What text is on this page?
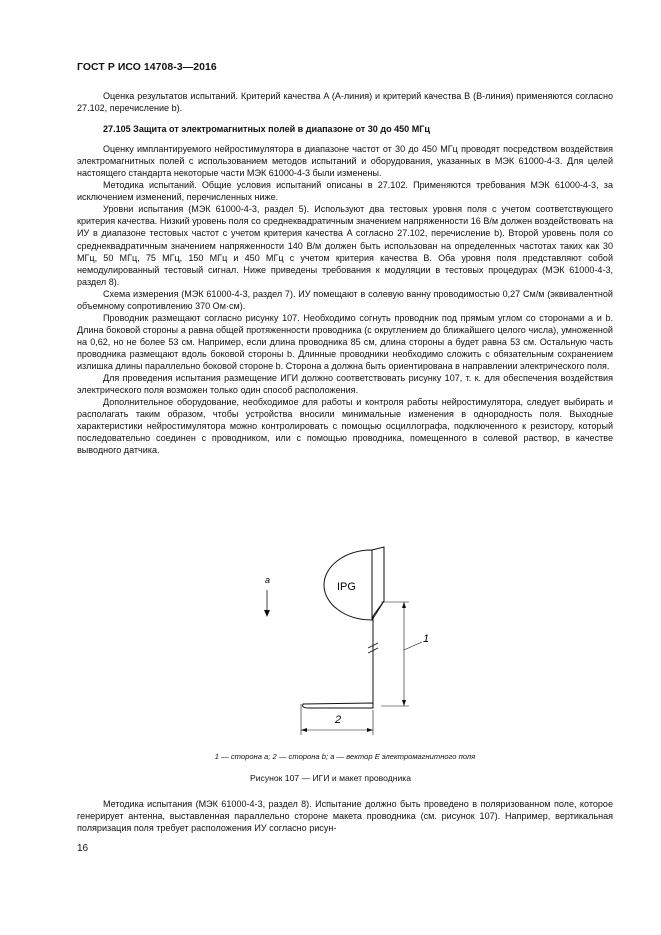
ГОСТ Р ИСО 14708-3—2016

Оценка результатов испытаний. Критерий качества A (A-линия) и критерий качества B (B-линия) применяются согласно 27.102, перечисление b).

27.105 Защита от электромагнитных полей в диапазоне от 30 до 450 МГц

Оценку имплантируемого нейростимулятора в диапазоне частот от 30 до 450 МГц проводят посредством воздействия электромагнитных полей с использованием методов испытаний и оборудования, указанных в МЭК 61000-4-3. Для целей настоящего стандарта некоторые части МЭК 61000-4-3 были изменены.

Методика испытаний. Общие условия испытаний описаны в 27.102. Применяются требования МЭК 61000-4-3, за исключением изменений, перечисленных ниже.

Уровни испытания (МЭК 61000-4-3, раздел 5). Используют два тестовых уровня поля с учетом соответствующего критерия качества. Низкий уровень поля со среднеквадратичным значением напряженности 16 В/м должен воздействовать на ИУ в диапазоне тестовых частот с учетом критерия качества A согласно 27.102, перечисление b). Второй уровень поля со среднеквадратичным значением напряженности 140 В/м должен быть использован на определенных частотах таких как 30 МГц, 50 МГц, 75 МГц, 150 МГц и 450 МГц с учетом критерия качества B. Оба уровня поля представляют собой немодулированный тестовый сигнал. Ниже приведены требования к модуляции в тестовых процедурах (МЭК 61000-4-3, раздел 8).

Схема измерения (МЭК 61000-4-3, раздел 7). ИУ помещают в солевую ванну проводимостью 0,27 См/м (эквивалентной объемному сопротивлению 370 Ом·см).

Проводник размещают согласно рисунку 107. Необходимо согнуть проводник под прямым углом со сторонами a и b. Длина боковой стороны a равна общей протяженности проводника (с округлением до ближайшего целого числа), умноженной на 0,62, но не более 53 см. Например, если длина проводника 85 см, длина стороны a будет равна 53 см. Остальную часть проводника размещают вдоль боковой стороны b. Длинные проводники необходимо сложить с обязательным сохранением излишка длины параллельно боковой стороне b. Сторона a должна быть ориентирована в направлении электрического поля.

Для проведения испытания размещение ИГИ должно соответствовать рисунку 107, т. к. для обеспечения воздействия электрического поля возможен только один способ расположения.

Дополнительное оборудование, необходимое для работы и контроля работы нейростимулятора, следует выбирать и располагать таким образом, чтобы устройства вносили минимальные изменения в однородность поля. Выходные характеристики нейростимулятора можно контролировать с помощью осциллографа, подключенного к резистору, который последовательно соединен с проводником, или с помощью проводника, помещенного в солевой раствор, в качестве выводного датчика.

a
IPG
1
2
1 — сторона a; 2 — сторона b; a — вектор E электромагнитного поля
Рисунок 107 — ИГИ и макет проводника

Методика испытания (МЭК 61000-4-3, раздел 8). Испытание должно быть проведено в поляризованном поле, которое генерирует антенна, выставленная параллельно стороне макета проводника (см. рисунок 107). Например, вертикальная поляризация поля требует расположения ИУ согласно рисун-

16
